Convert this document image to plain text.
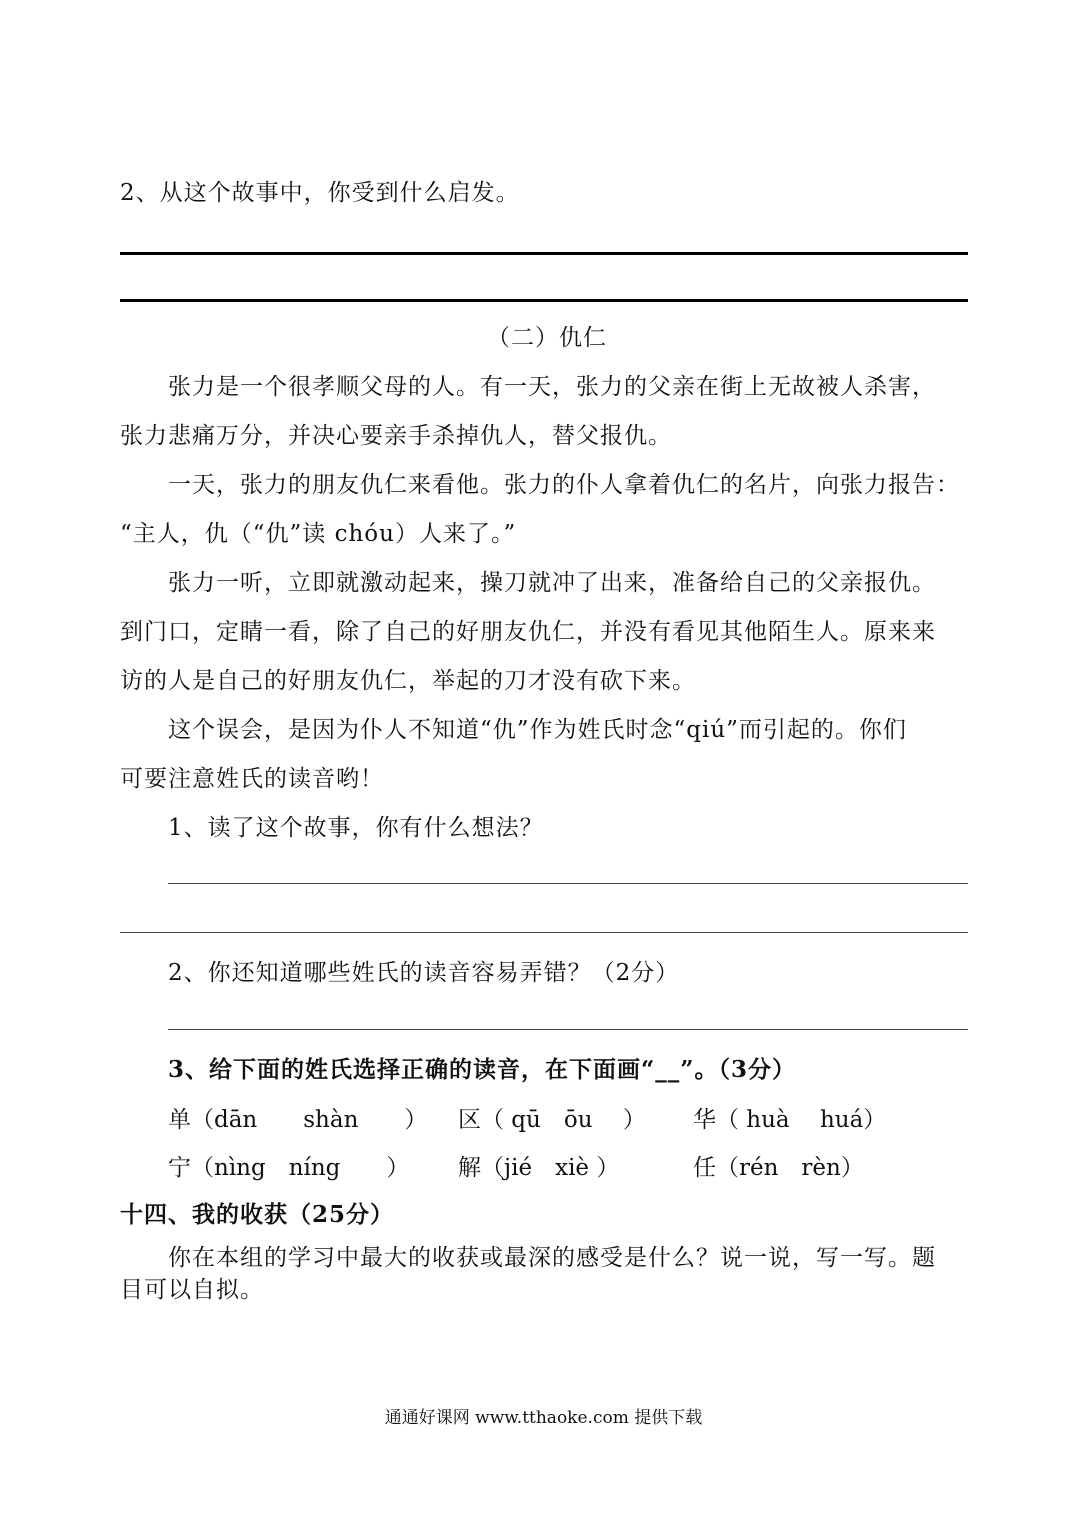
2、从这个故事中，你受到什么启发。
（二）仇仁
张力是一个很孝顺父母的人。有一天，张力的父亲在街上无故被人杀害，
张力悲痛万分，并决心要亲手杀掉仇人，替父报仇。
一天，张力的朋友仇仁来看他。张力的仆人拿着仇仁的名片，向张力报告：
“主人，仇（“仇”读 chóu）人来了。”
张力一听，立即就激动起来，操刀就冲了出来，准备给自己的父亲报仇。
到门口，定睛一看，除了自己的好朋友仇仁，并没有看见其他陌生人。原来来
访的人是自己的好朋友仇仁，举起的刀才没有砍下来。
这个误会，是因为仆人不知道“仇”作为姓氏时念“qiú”而引起的。你们
可要注意姓氏的读音哟！
1、读了这个故事，你有什么想法？
2、你还知道哪些姓氏的读音容易弄错？（2分）
3、给下面的姓氏选择正确的读音，在下面画“__”。（3分）
单（dān　　shàn　　） 区（ qū　ōu　 ） 华（ huà　 huá）
宁（nìng　níng　　） 解（jié　xiè ）	任（rén　rèn）
十四、我的收获（25分）
你在本组的学习中最大的收获或最深的感受是什么？说一说，写一写。题
目可以自拟。
通通好课网 www.tthaoke.com 提供下载
